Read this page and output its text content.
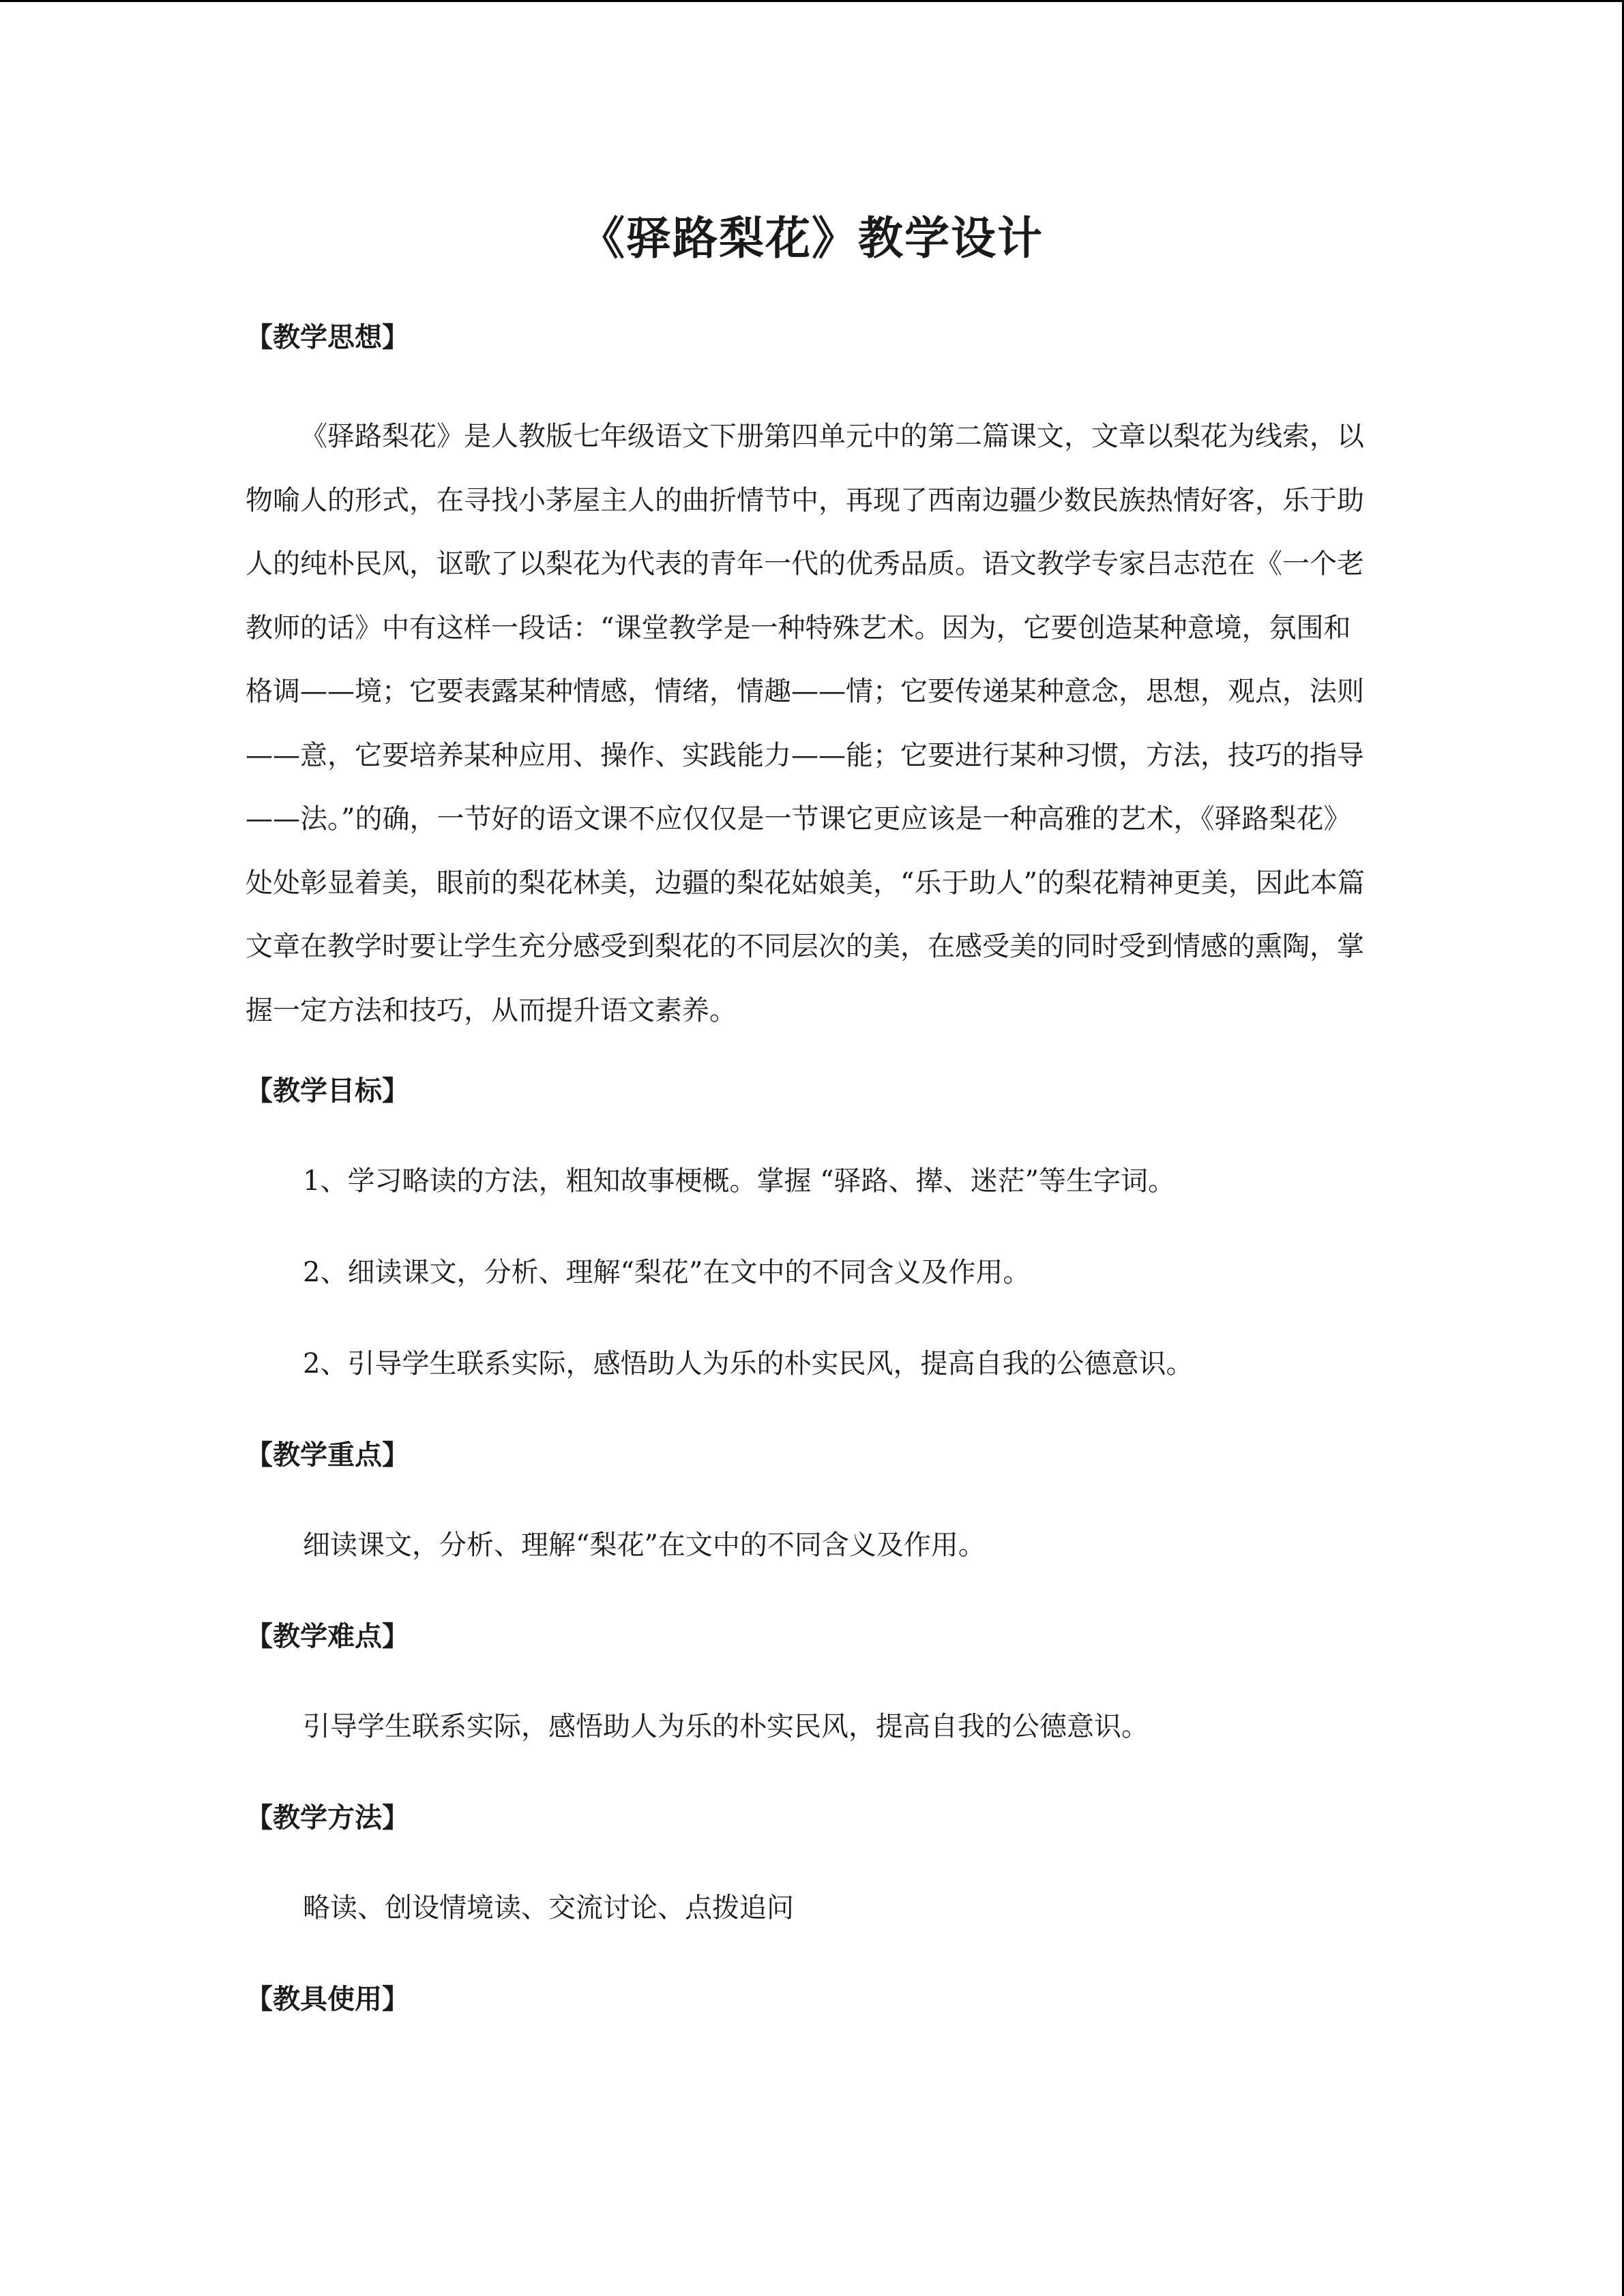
《驿路梨花》教学设计
【教学思想】
《驿路梨花》是人教版七年级语文下册第四单元中的第二篇课文，文章以梨花为线索，以物喻人的形式，在寻找小茅屋主人的曲折情节中，再现了西南边疆少数民族热情好客，乐于助人的纯朴民风，讴歌了以梨花为代表的青年一代的优秀品质。语文教学专家吕志范在《一个老教师的话》中有这样一段话：“课堂教学是一种特殊艺术。因为，它要创造某种意境，氛围和格调——境；它要表露某种情感，情绪，情趣——情；它要传递某种意念，思想，观点，法则——意，它要培养某种应用、操作、实践能力——能；它要进行某种习惯，方法，技巧的指导——法。”的确，一节好的语文课不应仅仅是一节课它更应该是一种高雅的艺术，《驿路梨花》处处彰显着美，眼前的梨花林美，边疆的梨花姑娘美，“乐于助人”的梨花精神更美，因此本篇文章在教学时要让学生充分感受到梨花的不同层次的美，在感受美的同时受到情感的熏陶，掌握一定方法和技巧，从而提升语文素养。
【教学目标】
1、学习略读的方法，粗知故事梗概。掌握 “驿路、撵、迷茫”等生字词。
2、细读课文，分析、理解“梨花”在文中的不同含义及作用。
2、引导学生联系实际，感悟助人为乐的朴实民风，提高自我的公德意识。
【教学重点】
细读课文，分析、理解“梨花”在文中的不同含义及作用。
【教学难点】
引导学生联系实际，感悟助人为乐的朴实民风，提高自我的公德意识。
【教学方法】
略读、创设情境读、交流讨论、点拨追问
【教具使用】
